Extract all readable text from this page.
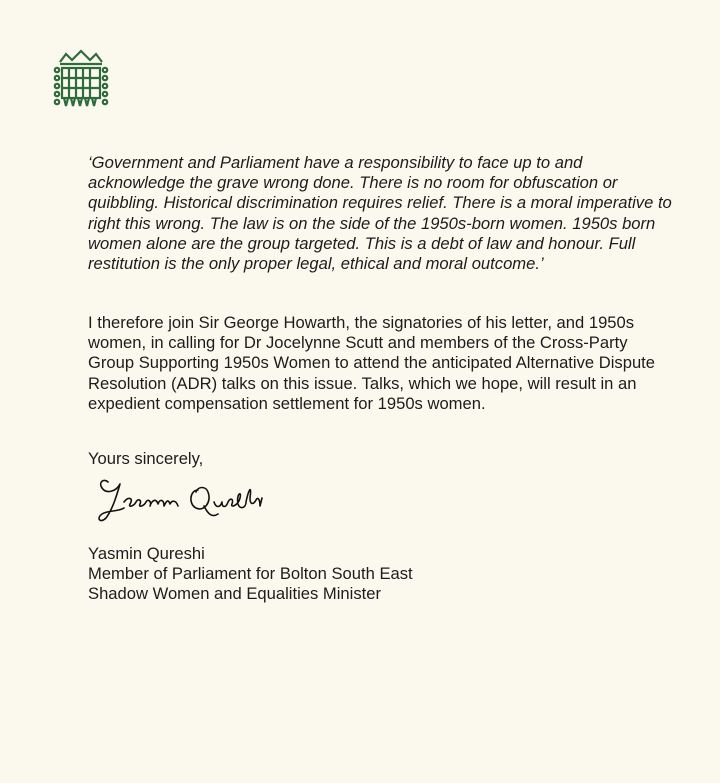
‘Government and Parliament have a responsibility to face up to and acknowledge the grave wrong done. There is no room for obfuscation or quibbling. Historical discrimination requires relief. There is a moral imperative to right this wrong. The law is on the side of the 1950s-born women. 1950s born women alone are the group targeted. This is a debt of law and honour. Full restitution is the only proper legal, ethical and moral outcome.’

I therefore join Sir George Howarth, the signatories of his letter, and 1950s women, in calling for Dr Jocelynne Scutt and members of the Cross-Party Group Supporting 1950s Women to attend the anticipated Alternative Dispute Resolution (ADR) talks on this issue. Talks, which we hope, will result in an expedient compensation settlement for 1950s women.

Yours sincerely,

Yasmin Qureshi
Member of Parliament for Bolton South East
Shadow Women and Equalities Minister
